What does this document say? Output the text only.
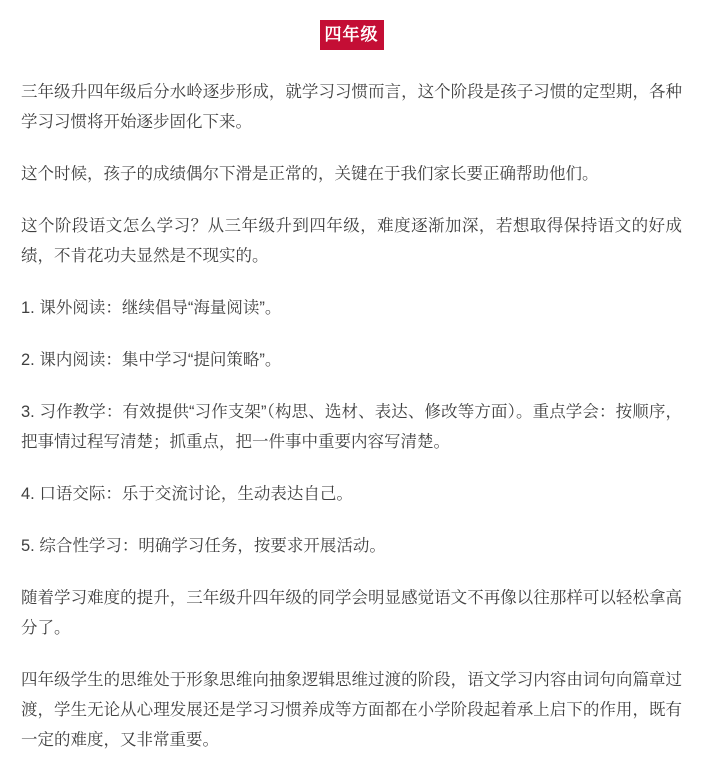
四年级

三年级升四年级后分水岭逐步形成，就学习习惯而言，这个阶段是孩子习惯的定型期，各种学习习惯将开始逐步固化下来。

这个时候，孩子的成绩偶尔下滑是正常的，关键在于我们家长要正确帮助他们。

这个阶段语文怎么学习？从三年级升到四年级，难度逐渐加深，若想取得保持语文的好成绩，不肯花功夫显然是不现实的。

1. 课外阅读：继续倡导“海量阅读”。

2. 课内阅读：集中学习“提问策略”。

3. 习作教学：有效提供“习作支架”（构思、选材、表达、修改等方面）。重点学会：按顺序，把事情过程写清楚；抓重点，把一件事中重要内容写清楚。

4. 口语交际：乐于交流讨论，生动表达自己。

5. 综合性学习：明确学习任务，按要求开展活动。

随着学习难度的提升，三年级升四年级的同学会明显感觉语文不再像以往那样可以轻松拿高分了。

四年级学生的思维处于形象思维向抽象逻辑思维过渡的阶段，语文学习内容由词句向篇章过渡，学生无论从心理发展还是学习习惯养成等方面都在小学阶段起着承上启下的作用，既有一定的难度，又非常重要。
